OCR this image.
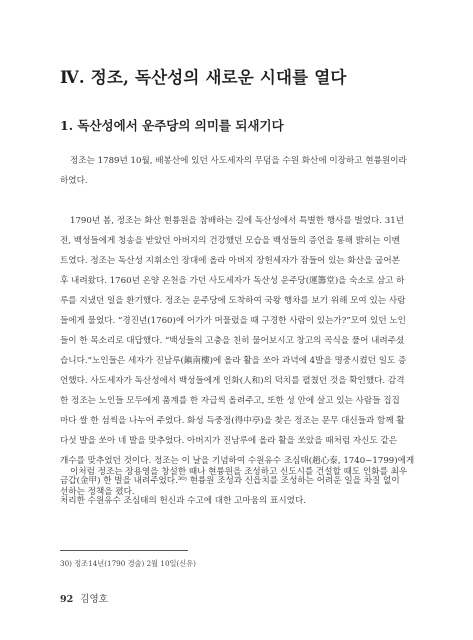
Ⅳ. 정조, 독산성의 새로운 시대를 열다
1. 독산성에서 운주당의 의미를 되새기다
정조는 1789년 10월, 배봉산에 있던 사도세자의 무덤을 수원 화산에 이장하고 현륭원이라
하였다.
1790년 봄, 정조는 화산 현륭원을 참배하는 길에 독산성에서 특별한 행사를 벌였다. 31년
전, 백성들에게 청송을 받았던 아버지의 건강했던 모습을 백성들의 증언을 통해 밝히는 이벤
트였다. 정조는 독산성 지휘소인 장대에 올라 아버지 장헌세자가 잠들어 있는 화산을 굽어본
후 내려왔다. 1760년 온양 온천을 가던 사도세자가 독산성 운주당(運籌堂)을 숙소로 삼고 하
루를 지냈던 일을 환기했다. 정조는 운주당에 도착하여 국왕 행차를 보기 위해 모여 있는 사람
들에게 물었다. “경진년(1760)에 어가가 머물렀을 때 구경한 사람이 있는가?”모여 있던 노인
들이 한 목소리로 대답했다. “백성들의 고충을 친히 물어보시고 창고의 곡식을 풀어 내려주셨
습니다.”노인들은 세자가 진남루(鎭南樓)에 올라 활을 쏘아 과녁에 4발을 명중시켰던 일도 증
언했다. 사도세자가 독산성에서 백성들에게 인화(人和)의 덕치를 펼쳤던 것을 확인했다. 감격
한 정조는 노인들 모두에게 품계를 한 자급씩 올려주고, 또한 성 안에 살고 있는 사람들 집집
마다 쌀 한 섬씩을 나누어 주었다. 화성 득중정(得中亭)을 찾은 정조는 문무 대신들과 함께 활
다섯 발을 쏘아 네 발을 맞추었다. 아버지가 진남루에 올라 활을 쏘았을 때처럼 자신도 같은
개수를 맞추었던 것이다. 정조는 이 날을 기념하여 수원유수 조심태(趙心泰, 1740~1799)에게
금갑(金甲) 한 벌을 내려주었다.³⁰⁾ 현륭원 조성과 신읍치를 조성하는 어려운 일을 차질 없이
처리한 수원유수 조심태의 헌신과 수고에 대한 고마움의 표시였다.
이처럼 정조는 장용영을 창설한 때나 현륭원을 조성하고 신도시를 건설할 때도 인화를 최우
선하는 정책을 폈다.
30) 정조14년(1790 경술) 2월 10일(신유)
92 김영호
